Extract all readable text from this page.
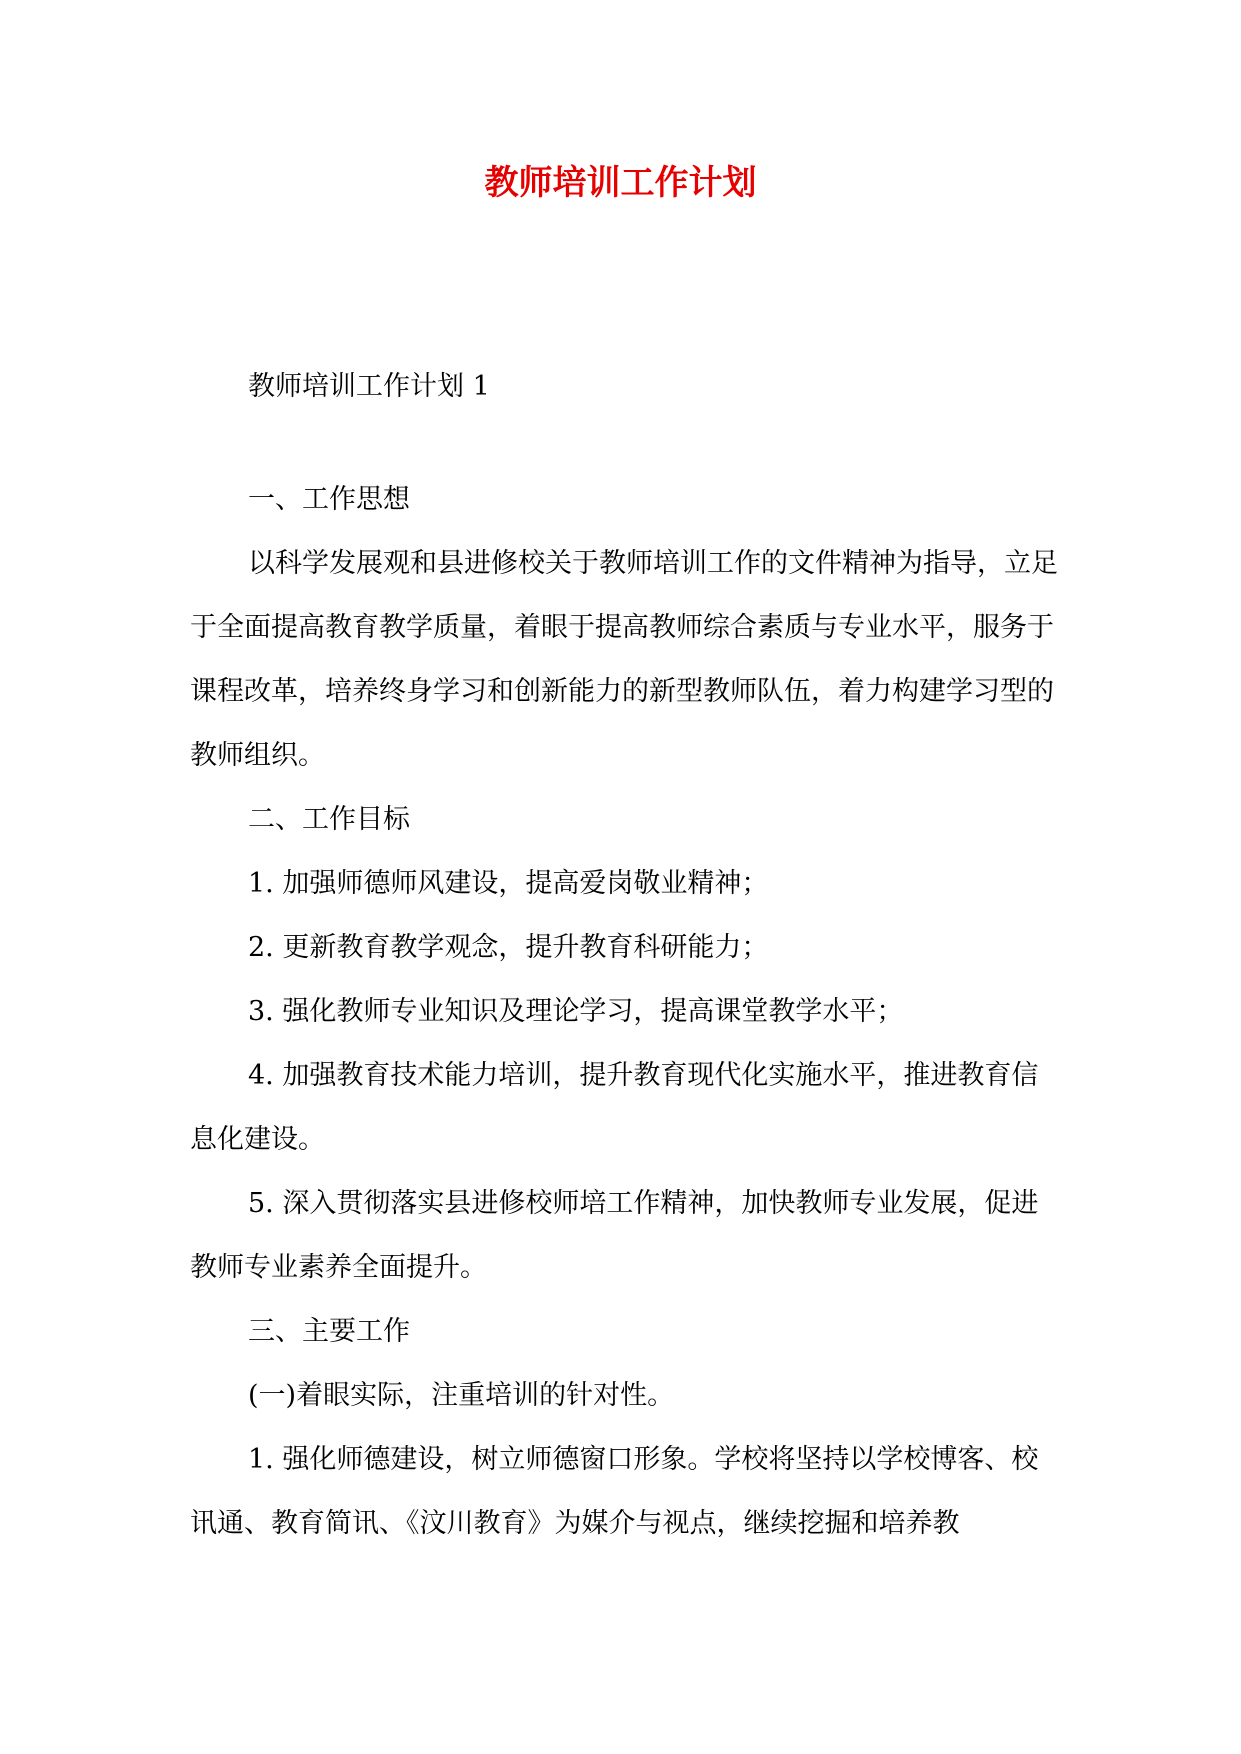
教师培训工作计划

教师培训工作计划 1

一、工作思想

以科学发展观和县进修校关于教师培训工作的文件精神为指导，立足于全面提高教育教学质量，着眼于提高教师综合素质与专业水平，服务于课程改革，培养终身学习和创新能力的新型教师队伍，着力构建学习型的教师组织。

二、工作目标

1. 加强师德师风建设，提高爱岗敬业精神；

2. 更新教育教学观念，提升教育科研能力；

3. 强化教师专业知识及理论学习，提高课堂教学水平；

4. 加强教育技术能力培训，提升教育现代化实施水平，推进教育信息化建设。

5. 深入贯彻落实县进修校师培工作精神，加快教师专业发展，促进教师专业素养全面提升。

三、主要工作

(一)着眼实际，注重培训的针对性。

1. 强化师德建设，树立师德窗口形象。学校将坚持以学校博客、校讯通、教育简讯、《汶川教育》为媒介与视点，继续挖掘和培养教
